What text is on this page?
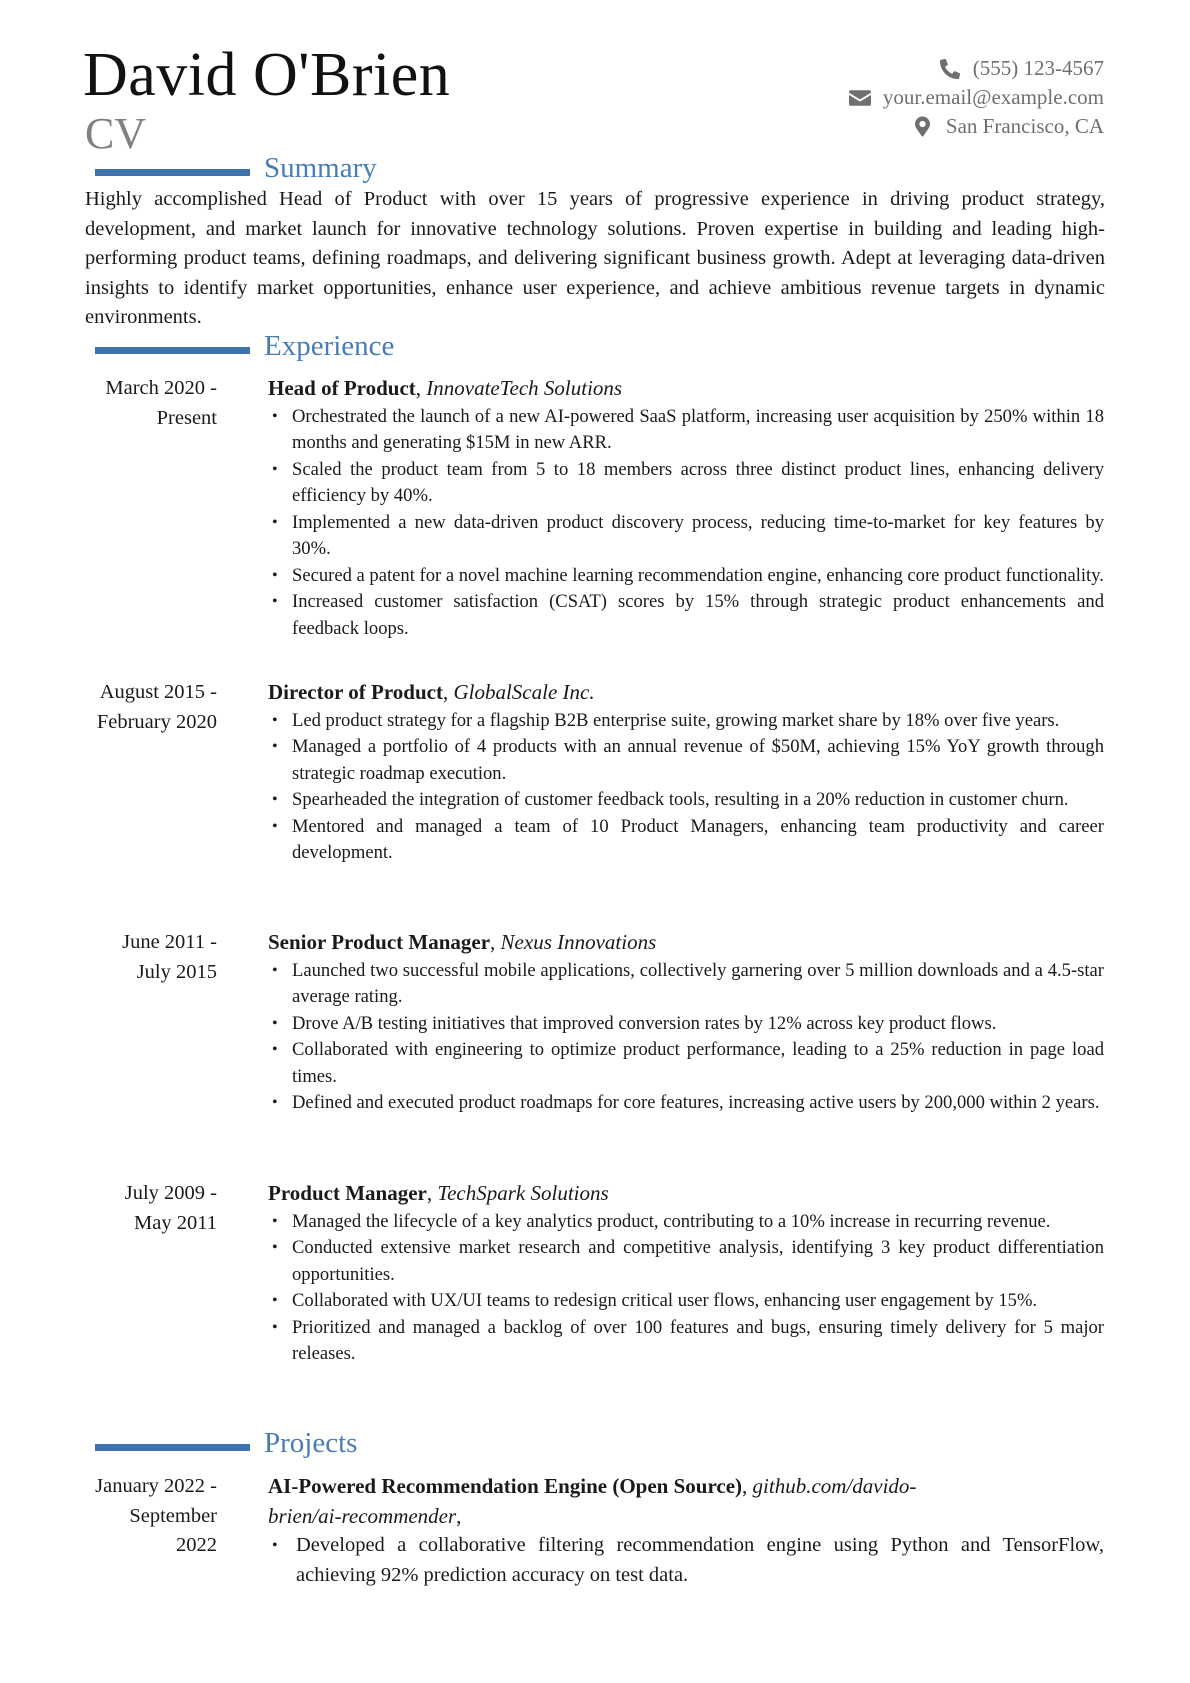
David O'Brien
CV
(555) 123-4567
your.email@example.com
San Francisco, CA
Summary
Highly accomplished Head of Product with over 15 years of progressive experience in driving product strategy, development, and market launch for innovative technology solutions. Proven expertise in building and leading high-performing product teams, defining roadmaps, and delivering significant business growth. Adept at leveraging data-driven insights to identify market opportunities, enhance user experience, and achieve ambitious revenue targets in dynamic environments.
Experience
March 2020 -
Present
Head of Product, InnovateTech Solutions
• Orchestrated the launch of a new AI-powered SaaS platform, increasing user acquisition by 250% within 18 months and generating $15M in new ARR.
• Scaled the product team from 5 to 18 members across three distinct product lines, enhancing delivery efficiency by 40%.
• Implemented a new data-driven product discovery process, reducing time-to-market for key features by 30%.
• Secured a patent for a novel machine learning recommendation engine, enhancing core product functionality.
• Increased customer satisfaction (CSAT) scores by 15% through strategic product enhancements and feedback loops.
August 2015 -
February 2020
Director of Product, GlobalScale Inc.
• Led product strategy for a flagship B2B enterprise suite, growing market share by 18% over five years.
• Managed a portfolio of 4 products with an annual revenue of $50M, achieving 15% YoY growth through strategic roadmap execution.
• Spearheaded the integration of customer feedback tools, resulting in a 20% reduction in customer churn.
• Mentored and managed a team of 10 Product Managers, enhancing team productivity and career development.
June 2011 -
July 2015
Senior Product Manager, Nexus Innovations
• Launched two successful mobile applications, collectively garnering over 5 million downloads and a 4.5-star average rating.
• Drove A/B testing initiatives that improved conversion rates by 12% across key product flows.
• Collaborated with engineering to optimize product performance, leading to a 25% reduction in page load times.
• Defined and executed product roadmaps for core features, increasing active users by 200,000 within 2 years.
July 2009 -
May 2011
Product Manager, TechSpark Solutions
• Managed the lifecycle of a key analytics product, contributing to a 10% increase in recurring revenue.
• Conducted extensive market research and competitive analysis, identifying 3 key product differentiation opportunities.
• Collaborated with UX/UI teams to redesign critical user flows, enhancing user engagement by 15%.
• Prioritized and managed a backlog of over 100 features and bugs, ensuring timely delivery for 5 major releases.
Projects
January 2022 -
September
2022
AI-Powered Recommendation Engine (Open Source), github.com/davido-
brien/ai-recommender,
• Developed a collaborative filtering recommendation engine using Python and TensorFlow, achieving 92% prediction accuracy on test data.
